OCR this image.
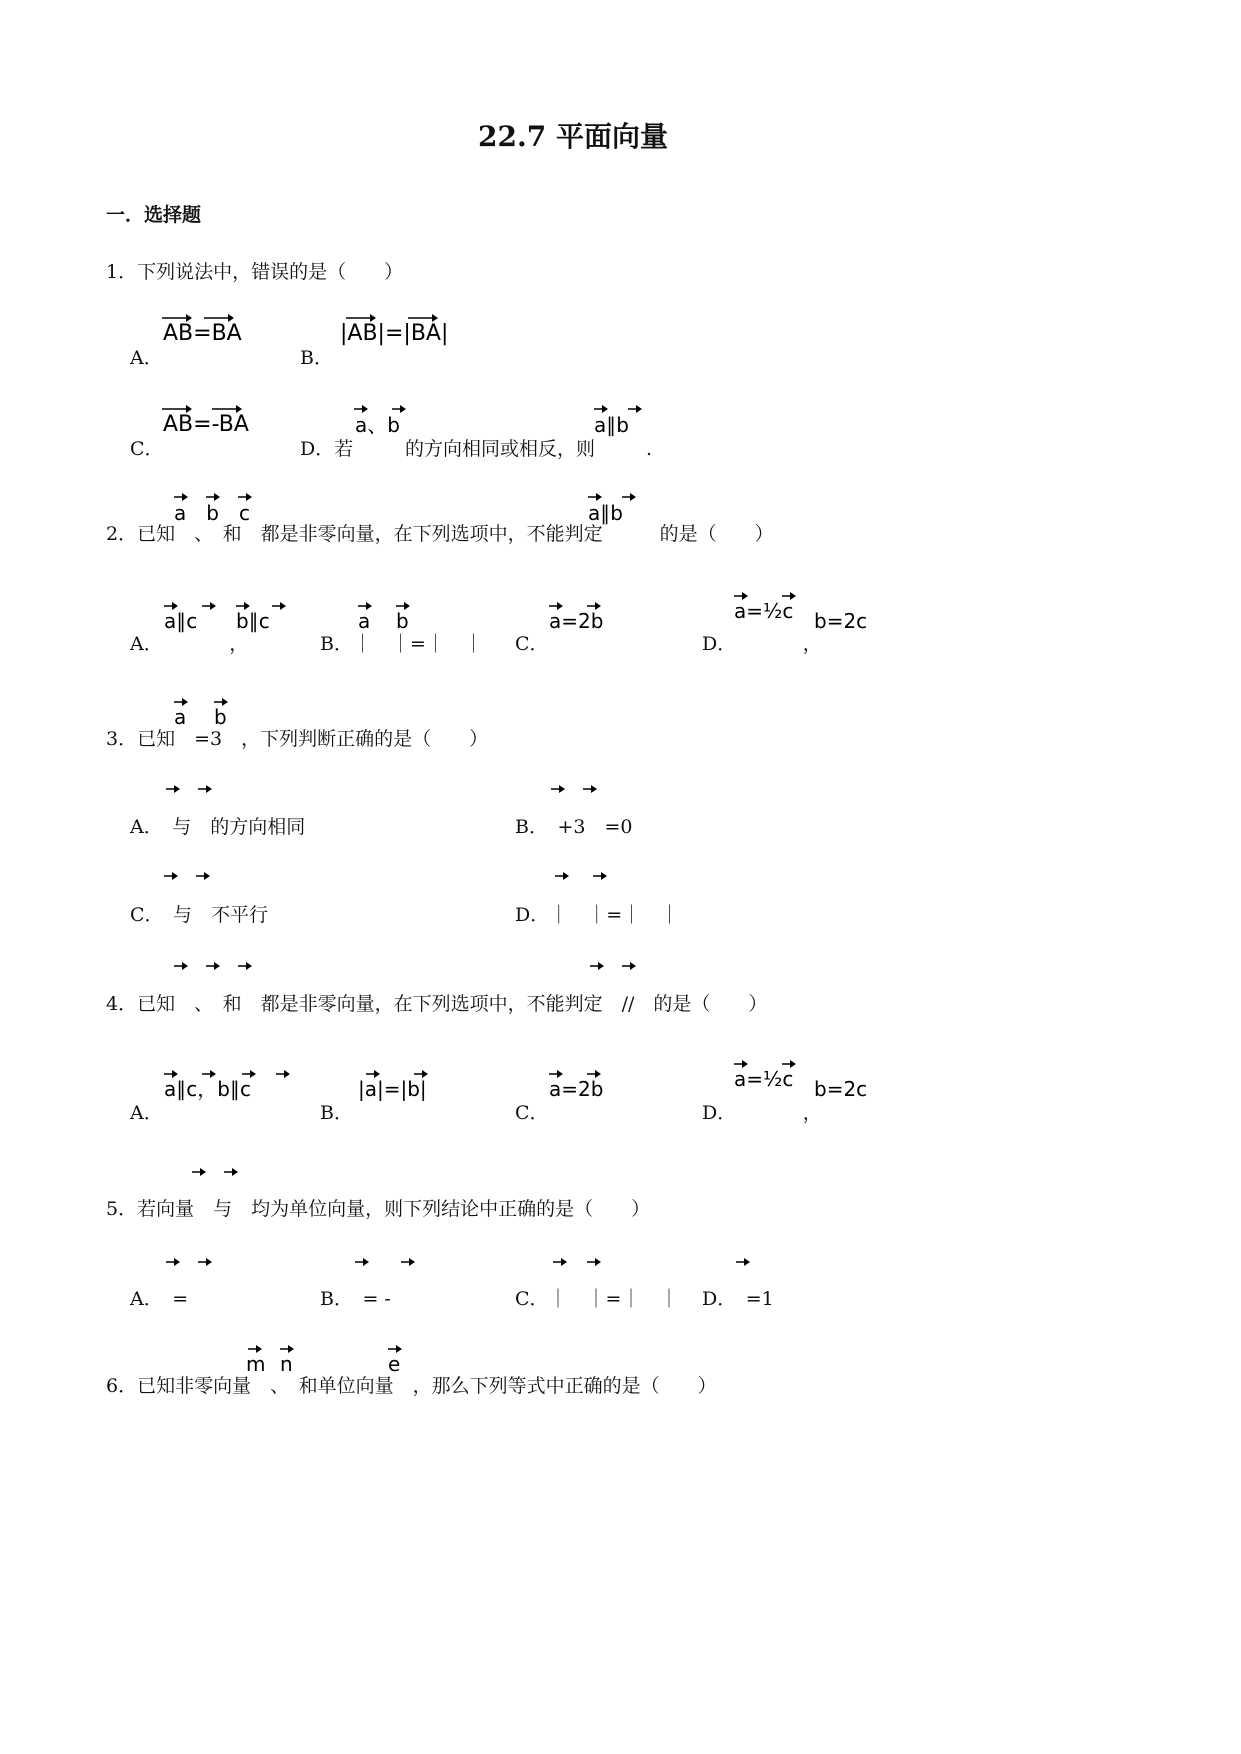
22.7 平面向量
一．选择题
1．下列说法中，错误的是（　　）
A．
AB=BA
B．
|AB|=|BA|
C．
AB=-BA
D．若
a、b
的方向相同或相反，则
a∥b
.
a　b　c	a∥b
2．已知　、　和　都是非零向量，在下列选项中，不能判定　　　的是（　　）
a∥c b∥c
A．　　　　，
a b
B．｜　｜=｜　｜
a=2b
C．
a=½c b=2c
D．　　　　，
a b
3．已知　=3　，下列判断正确的是（　　）
A．　与　的方向相同	B．　+3　=0
C．　与　不平行	D．｜　｜=｜　｜
4．已知　、　和　都是非零向量，在下列选项中，不能判定　//　的是（　　）
a∥c，b∥c
A．
|a|=|b|
B．
a=2b
C．
a=½c b=2c
D．　　　　，
5．若向量　与　均为单位向量，则下列结论中正确的是（　　）
A．　=	B．　= -	C．｜　｜=｜　｜ D．　=1
m n	e
6．已知非零向量　、　和单位向量　，那么下列等式中正确的是（　　）
